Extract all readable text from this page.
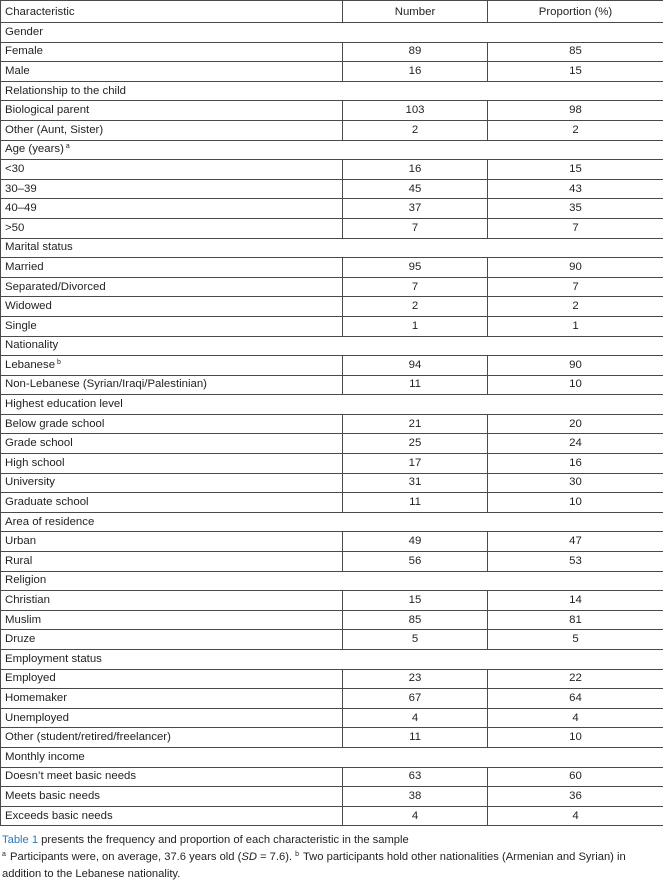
Characteristic	Number	Proportion (%)
Gender		
Female	89	85
Male	16	15
Relationship to the child		
Biological parent	103	98
Other (Aunt, Sister)	2	2
Age (years) $^a$
<30	16	15
30–39	45	43
40–49	37	35
>50	7	7
Marital status		
Married	95	90
Separated/Divorced	7	7
Widowed	2	2
Single	1	1
Nationality		
Lebanese $^b$	94	90
Non-Lebanese (Syrian/Iraqi/Palestinian)	11	10
Highest education level		
Below grade school	21	20
Grade school	25	24
High school	17	16
University	31	30
Graduate school	11	10
Area of residence		
Urban	49	47
Rural	56	53
Religion		
Christian	15	14
Muslim	85	81
Druze	5	5
Employment status		
Employed	23	22
Homemaker	67	64
Unemployed	4	4
Other (student/retired/freelancer)	11	10
Monthly income		
Doesn’t meet basic needs	63	60
Meets basic needs	38	36
Exceeds basic needs	4	4

Table 1 presents the frequency and proportion of each characteristic in the sample

$^a$ Participants were, on average, 37.6 years old (SD = 7.6). $^b$ Two participants hold other nationalities (Armenian and Syrian) in addition to the Lebanese nationality.
